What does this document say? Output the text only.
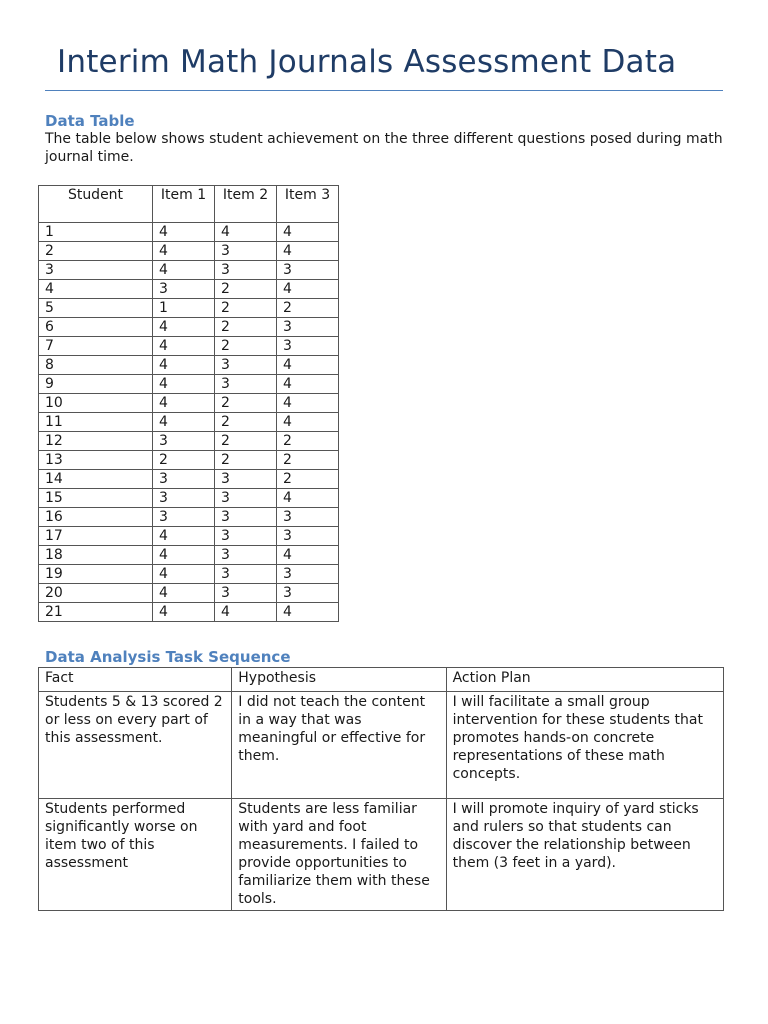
Interim Math Journals Assessment Data
Data Table
The table below shows student achievement on the three different questions posed during math journal time.
Student	Item 1	Item 2	Item 3

1	4	4	4
2	4	3	4
3	4	3	3
4	3	2	4
5	1	2	2
6	4	2	3
7	4	2	3
8	4	3	4
9	4	3	4
10	4	2	4
11	4	2	4
12	3	2	2
13	2	2	2
14	3	3	2
15	3	3	4
16	3	3	3
17	4	3	3
18	4	3	4
19	4	3	3
20	4	3	3
21	4	4	4
Data Analysis Task Sequence
Fact	Hypothesis	Action Plan
Students 5 & 13 scored 2 or less on every part of this assessment.	I did not teach the content in a way that was meaningful or effective for them.	I will facilitate a small group intervention for these students that promotes hands-on concrete representations of these math concepts.
Students performed significantly worse on item two of this assessment	Students are less familiar with yard and foot measurements. I failed to provide opportunities to familiarize them with these tools.	I will promote inquiry of yard sticks and rulers so that students can discover the relationship between them (3 feet in a yard).
